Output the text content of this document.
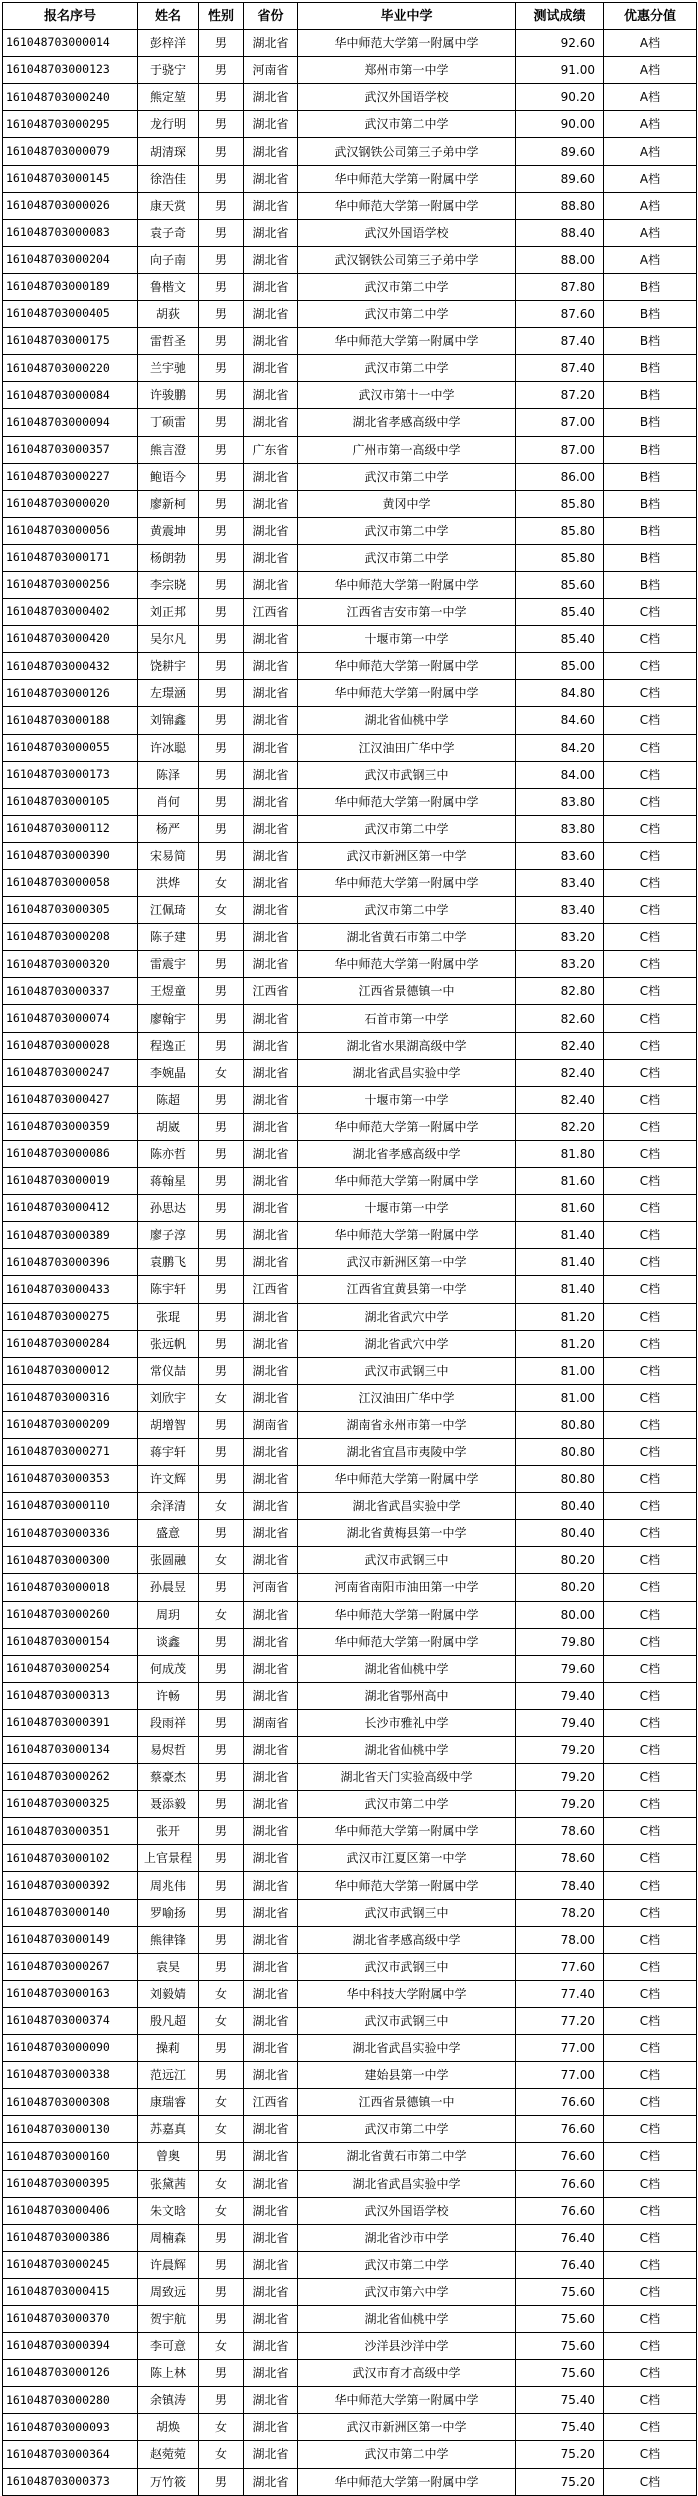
报名序号	姓名	性别	省份	毕业中学	测试成绩	优惠分值
161048703000014	彭梓洋	男	湖北省	华中师范大学第一附属中学	92.60	A档
161048703000123	于骁宁	男	河南省	郑州市第一中学	91.00	A档
161048703000240	熊定堃	男	湖北省	武汉外国语学校	90.20	A档
161048703000295	龙行明	男	湖北省	武汉市第二中学	90.00	A档
161048703000079	胡清琛	男	湖北省	武汉钢铁公司第三子弟中学	89.60	A档
161048703000145	徐浩佳	男	湖北省	华中师范大学第一附属中学	89.60	A档
161048703000026	康天赏	男	湖北省	华中师范大学第一附属中学	88.80	A档
161048703000083	袁子奇	男	湖北省	武汉外国语学校	88.40	A档
161048703000204	向子南	男	湖北省	武汉钢铁公司第三子弟中学	88.00	A档
161048703000189	鲁楷文	男	湖北省	武汉市第二中学	87.80	B档
161048703000405	胡荻	男	湖北省	武汉市第二中学	87.60	B档
161048703000175	雷哲圣	男	湖北省	华中师范大学第一附属中学	87.40	B档
161048703000220	兰宇驰	男	湖北省	武汉市第二中学	87.40	B档
161048703000084	许骏鹏	男	湖北省	武汉市第十一中学	87.20	B档
161048703000094	丁硕雷	男	湖北省	湖北省孝感高级中学	87.00	B档
161048703000357	熊言澄	男	广东省	广州市第一高级中学	87.00	B档
161048703000227	鲍语今	男	湖北省	武汉市第二中学	86.00	B档
161048703000020	廖新柯	男	湖北省	黄冈中学	85.80	B档
161048703000056	黄震坤	男	湖北省	武汉市第二中学	85.80	B档
161048703000171	杨朗勃	男	湖北省	武汉市第二中学	85.80	B档
161048703000256	李宗晓	男	湖北省	华中师范大学第一附属中学	85.60	B档
161048703000402	刘正邦	男	江西省	江西省吉安市第一中学	85.40	C档
161048703000420	吴尔凡	男	湖北省	十堰市第一中学	85.40	C档
161048703000432	饶耕宇	男	湖北省	华中师范大学第一附属中学	85.00	C档
161048703000126	左璟涵	男	湖北省	华中师范大学第一附属中学	84.80	C档
161048703000188	刘锦鑫	男	湖北省	湖北省仙桃中学	84.60	C档
161048703000055	许冰聪	男	湖北省	江汉油田广华中学	84.20	C档
161048703000173	陈泽	男	湖北省	武汉市武钢三中	84.00	C档
161048703000105	肖何	男	湖北省	华中师范大学第一附属中学	83.80	C档
161048703000112	杨严	男	湖北省	武汉市第二中学	83.80	C档
161048703000390	宋易简	男	湖北省	武汉市新洲区第一中学	83.60	C档
161048703000058	洪烨	女	湖北省	华中师范大学第一附属中学	83.40	C档
161048703000305	江佩琦	女	湖北省	武汉市第二中学	83.40	C档
161048703000208	陈子建	男	湖北省	湖北省黄石市第二中学	83.20	C档
161048703000320	雷震宇	男	湖北省	华中师范大学第一附属中学	83.20	C档
161048703000337	王煜童	男	江西省	江西省景德镇一中	82.80	C档
161048703000074	廖翰宇	男	湖北省	石首市第一中学	82.60	C档
161048703000028	程逸正	男	湖北省	湖北省水果湖高级中学	82.40	C档
161048703000247	李婉晶	女	湖北省	湖北省武昌实验中学	82.40	C档
161048703000427	陈超	男	湖北省	十堰市第一中学	82.40	C档
161048703000359	胡崴	男	湖北省	华中师范大学第一附属中学	82.20	C档
161048703000086	陈亦哲	男	湖北省	湖北省孝感高级中学	81.80	C档
161048703000019	蒋翰星	男	湖北省	华中师范大学第一附属中学	81.60	C档
161048703000412	孙思达	男	湖北省	十堰市第一中学	81.60	C档
161048703000389	廖子淳	男	湖北省	华中师范大学第一附属中学	81.40	C档
161048703000396	袁鹏飞	男	湖北省	武汉市新洲区第一中学	81.40	C档
161048703000433	陈宇轩	男	江西省	江西省宜黄县第一中学	81.40	C档
161048703000275	张琨	男	湖北省	湖北省武穴中学	81.20	C档
161048703000284	张远帆	男	湖北省	湖北省武穴中学	81.20	C档
161048703000012	常仪喆	男	湖北省	武汉市武钢三中	81.00	C档
161048703000316	刘欣宇	女	湖北省	江汉油田广华中学	81.00	C档
161048703000209	胡增智	男	湖南省	湖南省永州市第一中学	80.80	C档
161048703000271	蒋宇轩	男	湖北省	湖北省宜昌市夷陵中学	80.80	C档
161048703000353	许文辉	男	湖北省	华中师范大学第一附属中学	80.80	C档
161048703000110	余泽清	女	湖北省	湖北省武昌实验中学	80.40	C档
161048703000336	盛意	男	湖北省	湖北省黄梅县第一中学	80.40	C档
161048703000300	张圆融	女	湖北省	武汉市武钢三中	80.20	C档
161048703000018	孙晨昱	男	河南省	河南省南阳市油田第一中学	80.20	C档
161048703000260	周玥	女	湖北省	华中师范大学第一附属中学	80.00	C档
161048703000154	谈鑫	男	湖北省	华中师范大学第一附属中学	79.80	C档
161048703000254	何成茂	男	湖北省	湖北省仙桃中学	79.60	C档
161048703000313	许畅	男	湖北省	湖北省鄂州高中	79.40	C档
161048703000391	段雨祥	男	湖南省	长沙市雅礼中学	79.40	C档
161048703000134	易烬哲	男	湖北省	湖北省仙桃中学	79.20	C档
161048703000262	蔡豪杰	男	湖北省	湖北省天门实验高级中学	79.20	C档
161048703000325	聂添毅	男	湖北省	武汉市第二中学	79.20	C档
161048703000351	张开	男	湖北省	华中师范大学第一附属中学	78.60	C档
161048703000102	上官景程	男	湖北省	武汉市江夏区第一中学	78.60	C档
161048703000392	周兆伟	男	湖北省	华中师范大学第一附属中学	78.40	C档
161048703000140	罗喻扬	男	湖北省	武汉市武钢三中	78.20	C档
161048703000149	熊律锋	男	湖北省	湖北省孝感高级中学	78.00	C档
161048703000267	袁昊	男	湖北省	武汉市武钢三中	77.60	C档
161048703000163	刘毅婧	女	湖北省	华中科技大学附属中学	77.40	C档
161048703000374	殷凡超	女	湖北省	武汉市武钢三中	77.20	C档
161048703000090	操莉	男	湖北省	湖北省武昌实验中学	77.00	C档
161048703000338	范远江	男	湖北省	建始县第一中学	77.00	C档
161048703000308	康瑞睿	女	江西省	江西省景德镇一中	76.60	C档
161048703000130	苏嘉真	女	湖北省	武汉市第二中学	76.60	C档
161048703000160	曾奥	男	湖北省	湖北省黄石市第二中学	76.60	C档
161048703000395	张黛茜	女	湖北省	湖北省武昌实验中学	76.60	C档
161048703000406	朱文晗	女	湖北省	武汉外国语学校	76.60	C档
161048703000386	周楠森	男	湖北省	湖北省沙市中学	76.40	C档
161048703000245	许晨辉	男	湖北省	武汉市第二中学	76.40	C档
161048703000415	周致远	男	湖北省	武汉市第六中学	75.60	C档
161048703000370	贺宇航	男	湖北省	湖北省仙桃中学	75.60	C档
161048703000394	李可意	女	湖北省	沙洋县沙洋中学	75.60	C档
161048703000126	陈上林	男	湖北省	武汉市育才高级中学	75.60	C档
161048703000280	余镇涛	男	湖北省	华中师范大学第一附属中学	75.40	C档
161048703000093	胡焕	女	湖北省	武汉市新洲区第一中学	75.40	C档
161048703000364	赵菀菀	女	湖北省	武汉市第二中学	75.20	C档
161048703000373	万竹筱	男	湖北省	华中师范大学第一附属中学	75.20	C档
